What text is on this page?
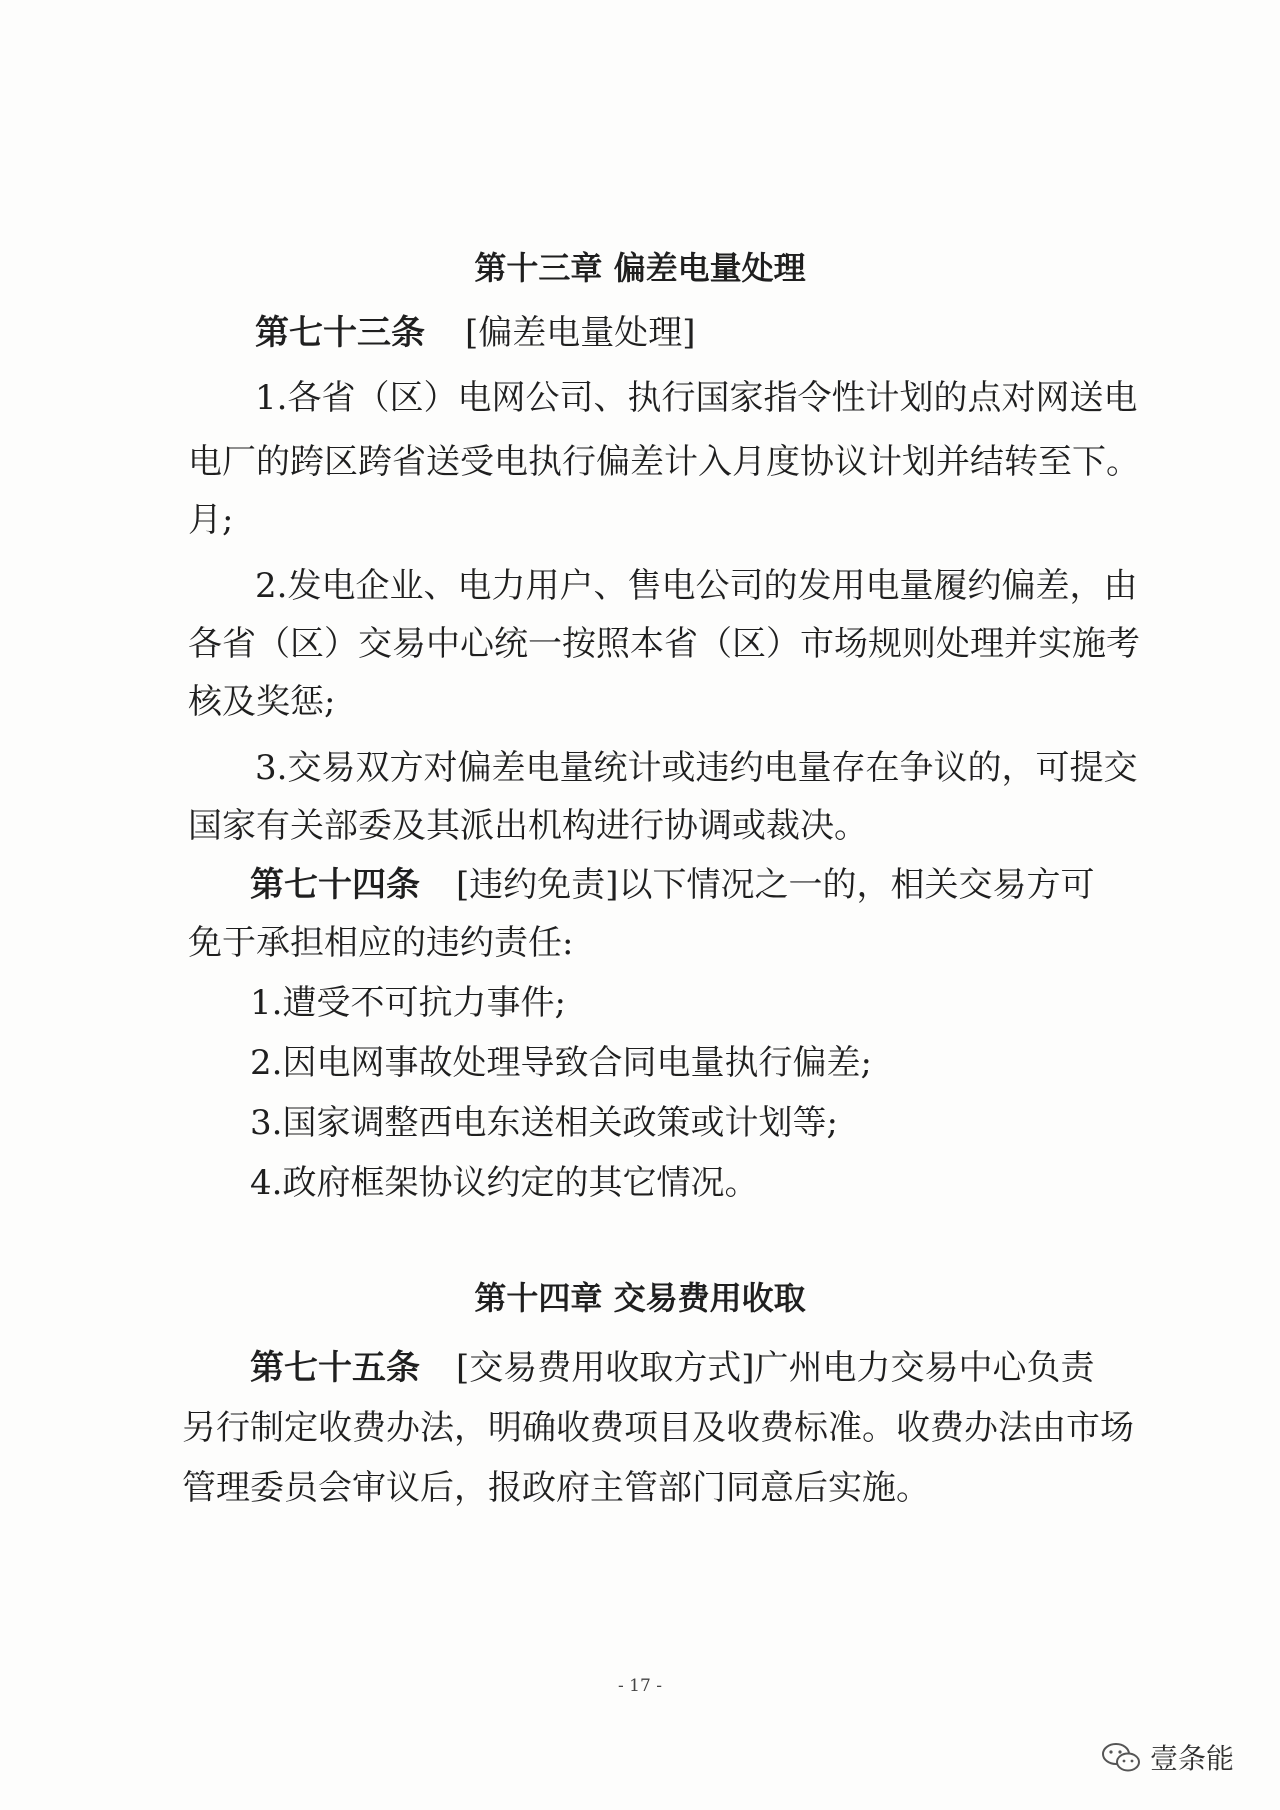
第十三章 偏差电量处理
第七十三条 [偏差电量处理]
1.各省（区）电网公司、执行国家指令性计划的点对网送电
电厂的跨区跨省送受电执行偏差计入月度协议计划并结转至下。
月;
2.发电企业、电力用户、售电公司的发用电量履约偏差，由
各省（区）交易中心统一按照本省（区）市场规则处理并实施考
核及奖惩;
3.交易双方对偏差电量统计或违约电量存在争议的，可提交
国家有关部委及其派出机构进行协调或裁决。
第七十四条 [违约免责]以下情况之一的，相关交易方可
免于承担相应的违约责任:
1.遭受不可抗力事件;
2.因电网事故处理导致合同电量执行偏差;
3.国家调整西电东送相关政策或计划等;
4.政府框架协议约定的其它情况。
第十四章 交易费用收取
第七十五条 [交易费用收取方式]广州电力交易中心负责
另行制定收费办法，明确收费项目及收费标准。收费办法由市场
管理委员会审议后，报政府主管部门同意后实施。
- 17 -
壹条能
